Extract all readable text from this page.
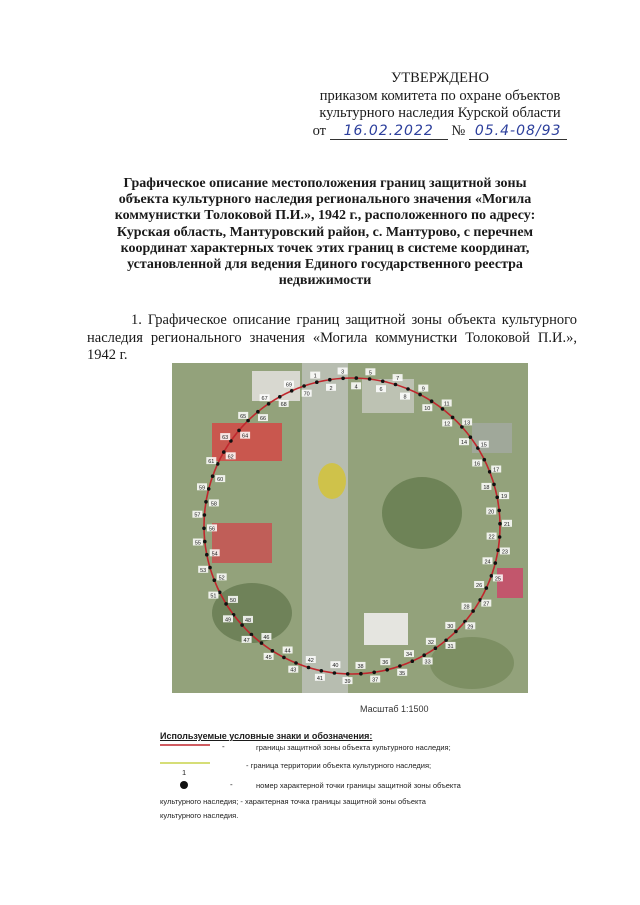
УТВЕРЖДЕНО
приказом комитета по охране объектов
культурного наследия Курской области
от 16.02.2022 № 05.4-08/93
Графическое описание местоположения границ защитной зоны
объекта культурного наследия регионального значения «Могила
коммунистки Толоковой П.И.», 1942 г., расположенного по адресу:
Курская область, Мантуровский район, с. Мантурово, с перечнем
координат характерных точек этих границ в системе координат,
установленной для ведения Единого государственного реестра
недвижимости
1. Графическое описание границ защитной зоны объекта культурного наследия регионального значения «Могила коммунистки Толоковой П.И.», 1942 г.
1
2
3
4
5
6
7
8
9
10
11
12	13
14 15
16
17
18
19
20
21
22
23
24
25
26
27
28
29
30
31
32
33
34
35
36
37
38
39
40
41
42
43
44
45
46
47
48
49
50
51
52
53
54
55
56
57
58
59
60
61
62
63	64
65 66
67
68
69
70
Масштаб 1:1500
Используемые условные знаки и обозначения:
-	границы защитной зоны объекта культурного наследия;
- граница территории объекта культурного наследия;
1
-	номер характерной точки границы защитной зоны объекта
культурного наследия; - характерная точка границы защитной зоны объекта
культурного наследия.
